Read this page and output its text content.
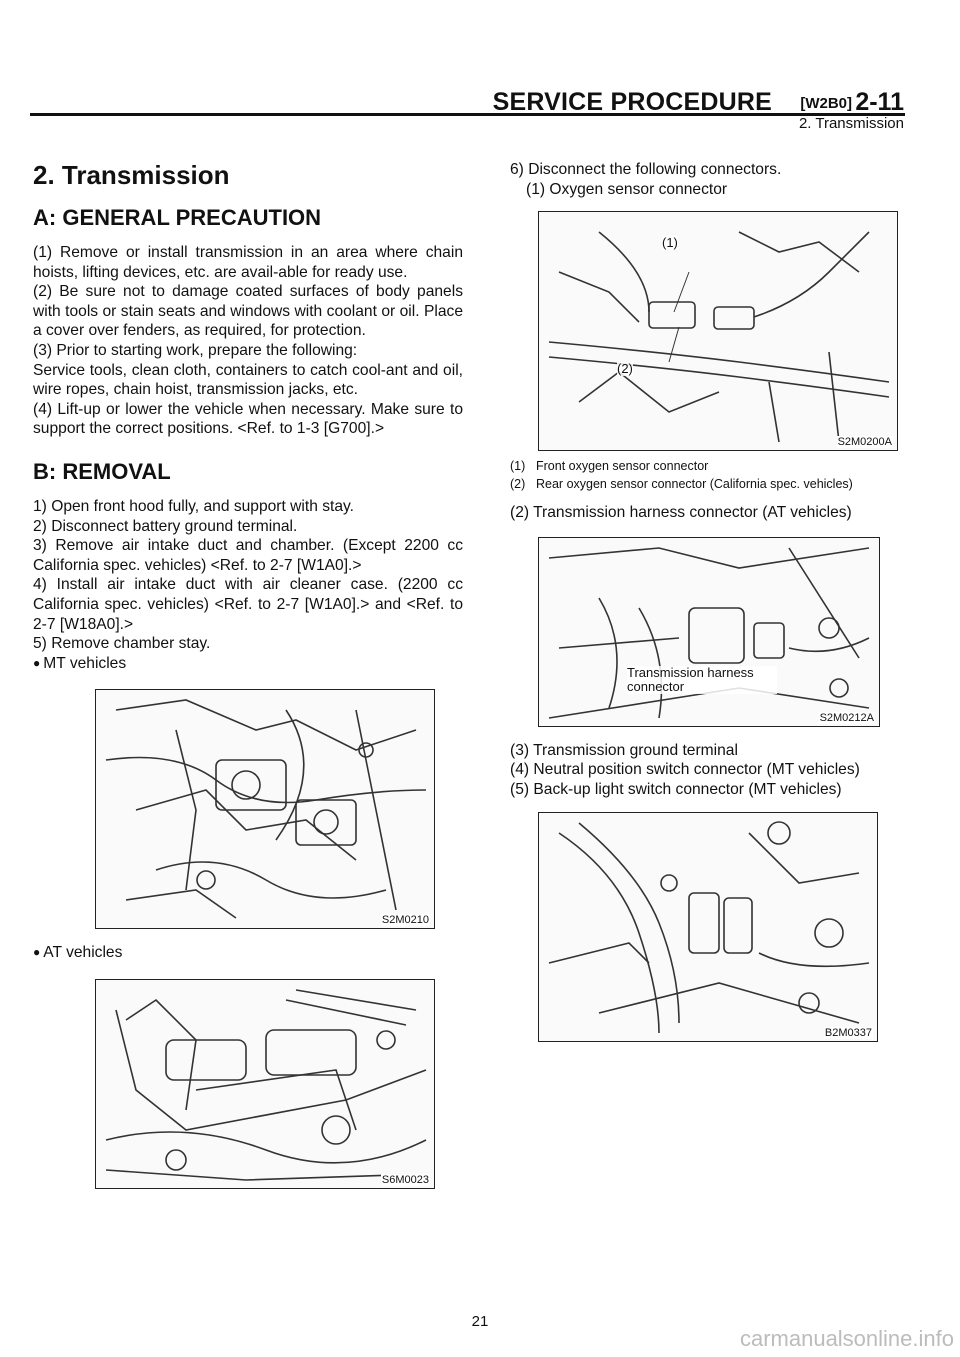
SERVICE PROCEDURE [W2B0] 2-11
2. Transmission
2. Transmission
A: GENERAL PRECAUTION

(1) Remove or install transmission in an area where chain hoists, lifting devices, etc. are avail-able for ready use.

(2) Be sure not to damage coated surfaces of body panels with tools or stain seats and windows with coolant or oil. Place a cover over fenders, as required, for protection.

(3) Prior to starting work, prepare the following:

Service tools, clean cloth, containers to catch cool-ant and oil, wire ropes, chain hoist, transmission jacks, etc.

(4) Lift-up or lower the vehicle when necessary. Make sure to support the correct positions. <Ref. to 1-3 [G700].>

B: REMOVAL

1) Open front hood fully, and support with stay.

2) Disconnect battery ground terminal.

3) Remove air intake duct and chamber. (Except 2200 cc California spec. vehicles) <Ref. to 2-7 [W1A0].>

4) Install air intake duct with air cleaner case. (2200 cc California spec. vehicles) <Ref. to 2-7 [W1A0].> and <Ref. to 2-7 [W18A0].>

5) Remove chamber stay.

● MT vehicles
S2M0210
● AT vehicles
S6M0023

6) Disconnect the following connectors.

(1) Oxygen sensor connector

(1)
(2)
S2M0200A
(1) Front oxygen sensor connector
(2) Rear oxygen sensor connector (California spec. vehicles)

(2) Transmission harness connector (AT vehicles)

Transmission harness connector
S2M0212A

(3) Transmission ground terminal

(4) Neutral position switch connector (MT vehicles)

(5) Back-up light switch connector (MT vehicles)

B2M0337
21
carmanualsonline.info
